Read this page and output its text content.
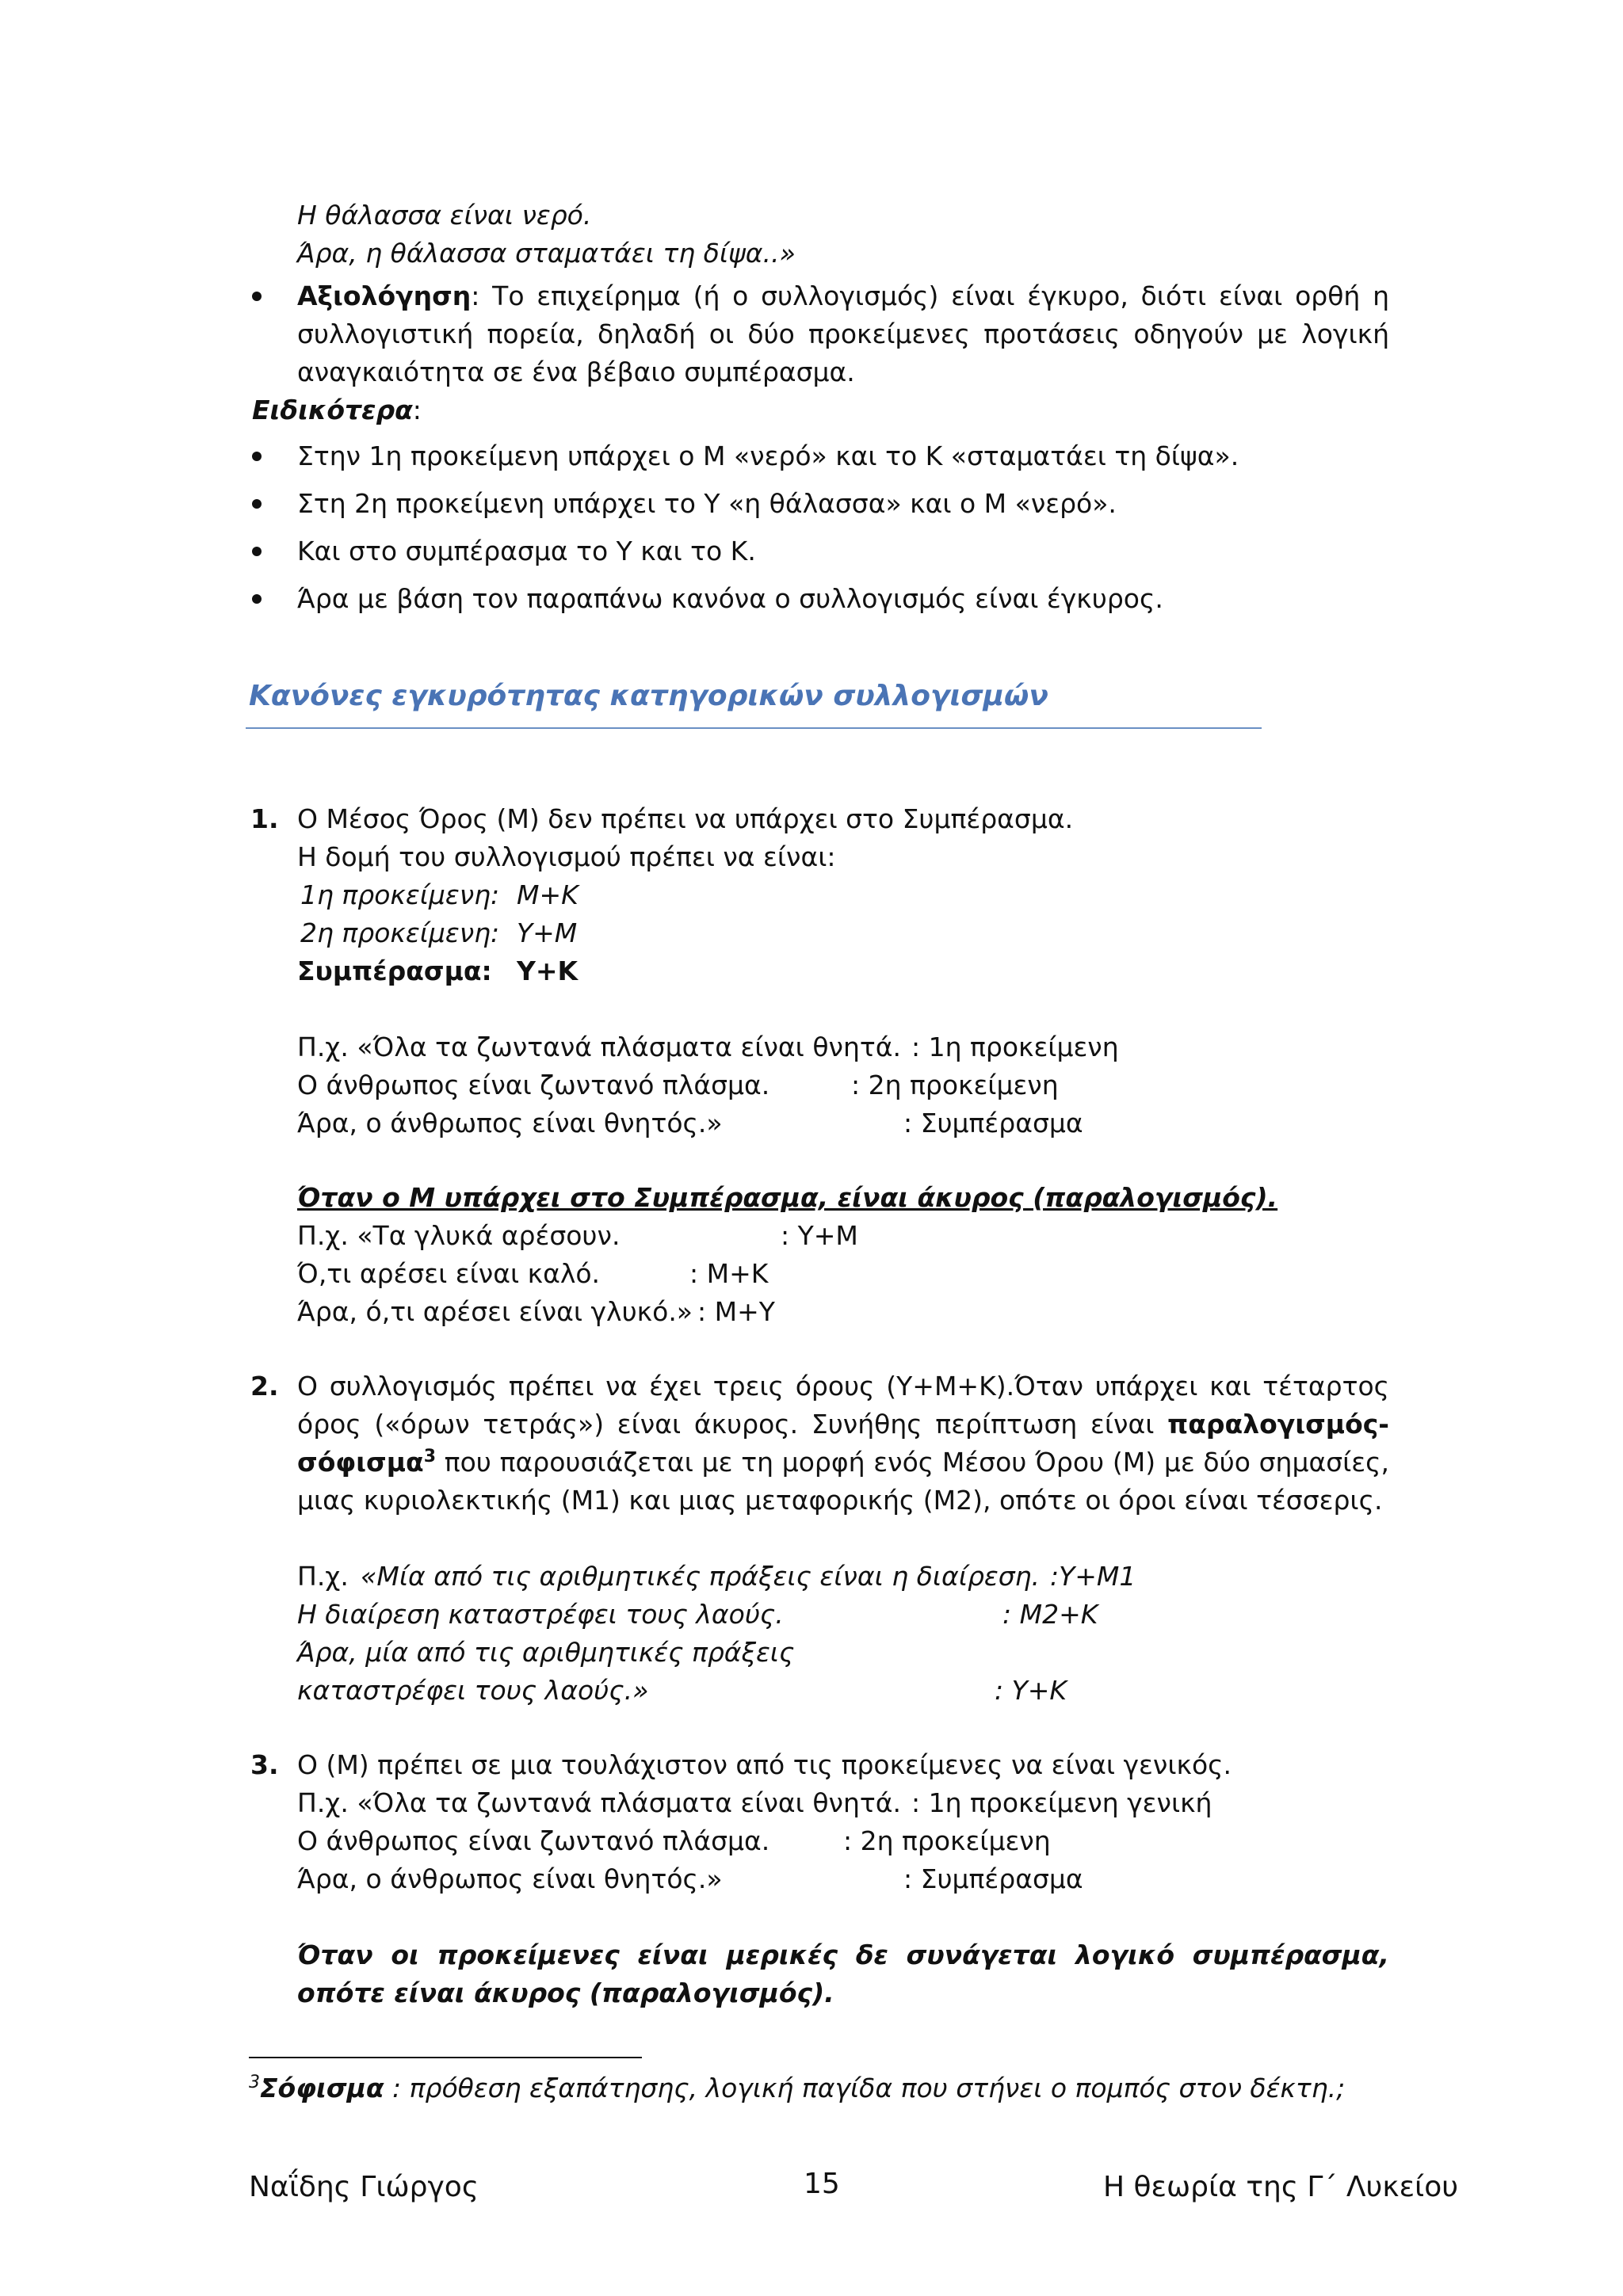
Η θάλασσα είναι νερό.
Άρα, η θάλασσα σταματάει τη δίψα..»
Αξιολόγηση: Το επιχείρημα (ή ο συλλογισμός) είναι έγκυρο, διότι είναι ορθή η συλλογιστική πορεία, δηλαδή οι δύο προκείμενες προτάσεις οδηγούν με λογική αναγκαιότητα σε ένα βέβαιο συμπέρασμα.
Ειδικότερα:
Στην 1η προκείμενη υπάρχει ο Μ «νερό» και το Κ «σταματάει τη δίψα».
Στη 2η προκείμενη υπάρχει το Υ «η θάλασσα» και ο Μ «νερό».
Και στο συμπέρασμα το Υ και το Κ.
Άρα με βάση τον παραπάνω κανόνα ο συλλογισμός είναι έγκυρος.
Κανόνες εγκυρότητας κατηγορικών συλλογισμών
1. Ο Μέσος Όρος (Μ) δεν πρέπει να υπάρχει στο Συμπέρασμα.
Η δομή του συλλογισμού πρέπει να είναι:
1η προκείμενη: Μ+Κ
2η προκείμενη: Υ+Μ
Συμπέρασμα: Υ+Κ
Π.χ. «Όλα τα ζωντανά πλάσματα είναι θνητά. : 1η προκείμενη
Ο άνθρωπος είναι ζωντανό πλάσμα.	: 2η προκείμενη
Άρα, ο άνθρωπος είναι θνητός.»	: Συμπέρασμα
Όταν ο Μ υπάρχει στο Συμπέρασμα, είναι άκυρος (παραλογισμός).
Π.χ. «Τα γλυκά αρέσουν.	: Υ+Μ
Ό,τι αρέσει είναι καλό.	: Μ+Κ
Άρα, ό,τι αρέσει είναι γλυκό.» : Μ+Υ
2. Ο συλλογισμός πρέπει να έχει τρεις όρους (Υ+Μ+Κ).Όταν υπάρχει και τέταρτος όρος («όρων τετράς») είναι άκυρος. Συνήθης περίπτωση είναι παραλογισμός-σόφισμα$^3$ που παρουσιάζεται με τη μορφή ενός Μέσου Όρου (Μ) με δύο σημασίες, μιας κυριολεκτικής (Μ1) και μιας μεταφορικής (Μ2), οπότε οι όροι είναι τέσσερις.
Π.χ. «Μία από τις αριθμητικές πράξεις είναι η διαίρεση. :Υ+Μ1
Η διαίρεση καταστρέφει τους λαούς.	: Μ2+Κ
Άρα, μία από τις αριθμητικές πράξεις
καταστρέφει τους λαούς.»	: Υ+Κ
3. Ο (Μ) πρέπει σε μια τουλάχιστον από τις προκείμενες να είναι γενικός.
Π.χ. «Όλα τα ζωντανά πλάσματα είναι θνητά. : 1η προκείμενη γενική
Ο άνθρωπος είναι ζωντανό πλάσμα.	: 2η προκείμενη
Άρα, ο άνθρωπος είναι θνητός.»	: Συμπέρασμα
Όταν οι προκείμενες είναι μερικές δε συνάγεται λογικό συμπέρασμα, οπότε είναι άκυρος (παραλογισμός).
$^3$Σόφισμα : πρόθεση εξαπάτησης, λογική παγίδα που στήνει ο πομπός στον δέκτη.;
Ναΐδης Γιώργος	15	Η θεωρία της Γ΄ Λυκείου
